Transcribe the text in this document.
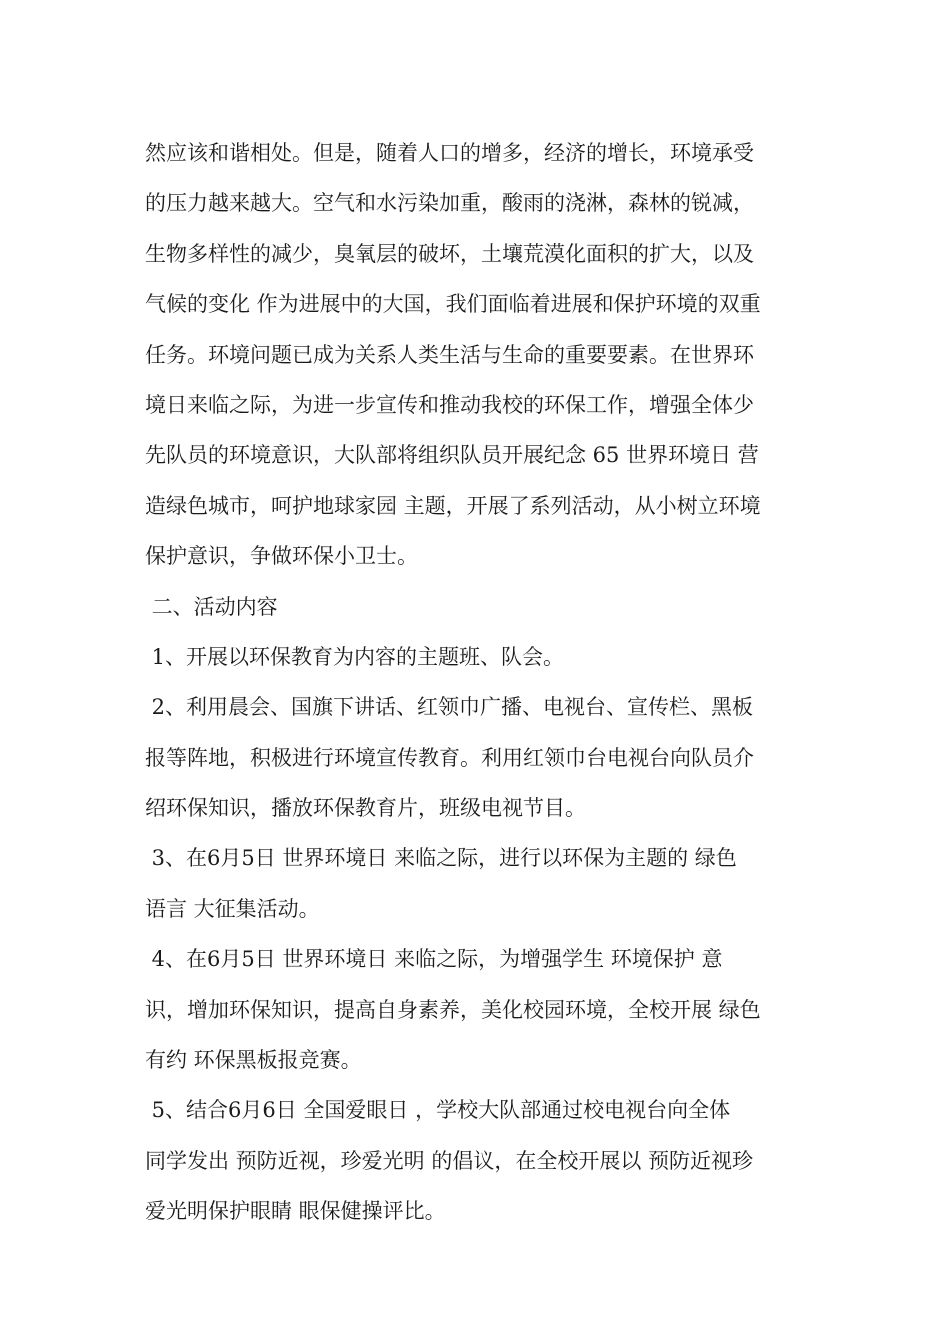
然应该和谐相处。但是，随着人口的增多，经济的增长，环境承受
的压力越来越大。空气和水污染加重，酸雨的浇淋，森林的锐减，
生物多样性的减少，臭氧层的破坏，土壤荒漠化面积的扩大，以及
气候的变化 作为进展中的大国，我们面临着进展和保护环境的双重
任务。环境问题已成为关系人类生活与生命的重要要素。在世界环
境日来临之际，为进一步宣传和推动我校的环保工作，增强全体少
先队员的环境意识，大队部将组织队员开展纪念 65 世界环境日 营
造绿色城市，呵护地球家园 主题，开展了系列活动，从小树立环境
保护意识，争做环保小卫士。
二、活动内容
1、开展以环保教育为内容的主题班、队会。
2、利用晨会、国旗下讲话、红领巾广播、电视台、宣传栏、黑板
报等阵地，积极进行环境宣传教育。利用红领巾台电视台向队员介
绍环保知识，播放环保教育片，班级电视节目。
3、在6月5日 世界环境日 来临之际，进行以环保为主题的 绿色
语言 大征集活动。
4、在6月5日 世界环境日 来临之际，为增强学生 环境保护 意
识，增加环保知识，提高自身素养，美化校园环境，全校开展 绿色
有约 环保黑板报竞赛。
5、结合6月6日 全国爱眼日 ，学校大队部通过校电视台向全体
同学发出 预防近视，珍爱光明 的倡议，在全校开展以 预防近视珍
爱光明保护眼睛 眼保健操评比。
